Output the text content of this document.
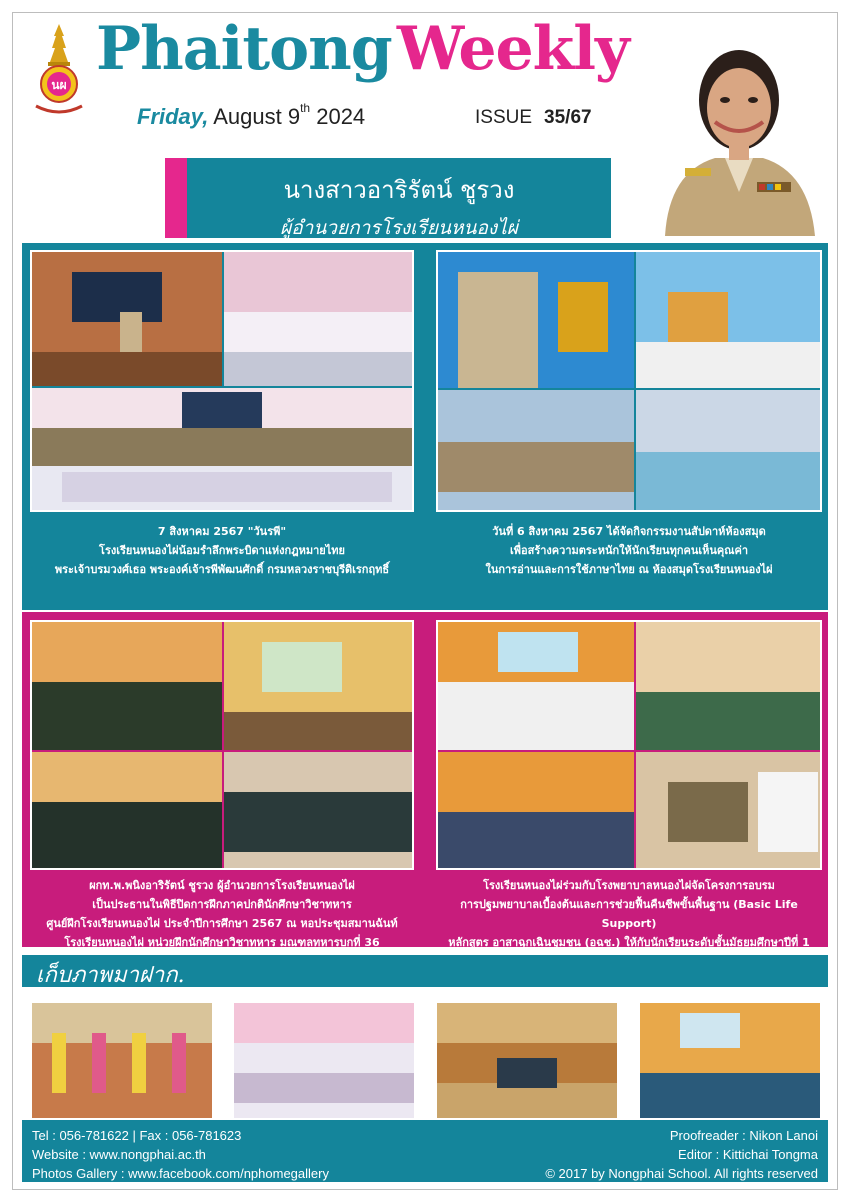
นผ
Phaitong Weekly
Friday, August 9th 2024	ISSUE 35/67
นางสาวอาริรัตน์ ชูรวง
ผู้อำนวยการโรงเรียนหนองไผ่
7 สิงหาคม 2567 "วันรพี"
โรงเรียนหนองไผ่น้อมรำลึกพระบิดาแห่งกฎหมายไทย
พระเจ้าบรมวงศ์เธอ พระองค์เจ้ารพีพัฒนศักดิ์ กรมหลวงราชบุรีดิเรกฤทธิ์
วันที่ 6 สิงหาคม 2567 ได้จัดกิจกรรมงานสัปดาห์ห้องสมุด
เพื่อสร้างความตระหนักให้นักเรียนทุกคนเห็นคุณค่า
ในการอ่านและการใช้ภาษาไทย ณ ห้องสมุดโรงเรียนหนองไผ่
ผกท.พ.พนิงอาริรัตน์ ชูรวง ผู้อำนวยการโรงเรียนหนองไผ่
เป็นประธานในพิธีปิดการฝึกภาคปกตินักศึกษาวิชาทหาร
ศูนย์ฝึกโรงเรียนหนองไผ่ ประจำปีการศึกษา 2567 ณ หอประชุมสมานฉันท์
โรงเรียนหนองไผ่ หน่วยฝึกนักศึกษาวิชาทหาร มณฑลทหารบกที่ 36
โรงเรียนหนองไผ่ร่วมกับโรงพยาบาลหนองไผ่จัดโครงการอบรม
การปฐมพยาบาลเบื้องต้นและการช่วยฟื้นคืนชีพขั้นพื้นฐาน (Basic Life Support)
หลักสูตร อาสาฉุกเฉินชุมชน (อฉช.) ให้กับนักเรียนระดับชั้นมัธยมศึกษาปีที่ 1
เก็บภาพมาฝาก.
Tel : 056-781622 | Fax : 056-781623
Website : www.nongphai.ac.th
Photos Gallery : www.facebook.com/nphomegallery
Proofreader : Nikon Lanoi
Editor : Kittichai Tongma
© 2017 by Nongphai School. All rights reserved
